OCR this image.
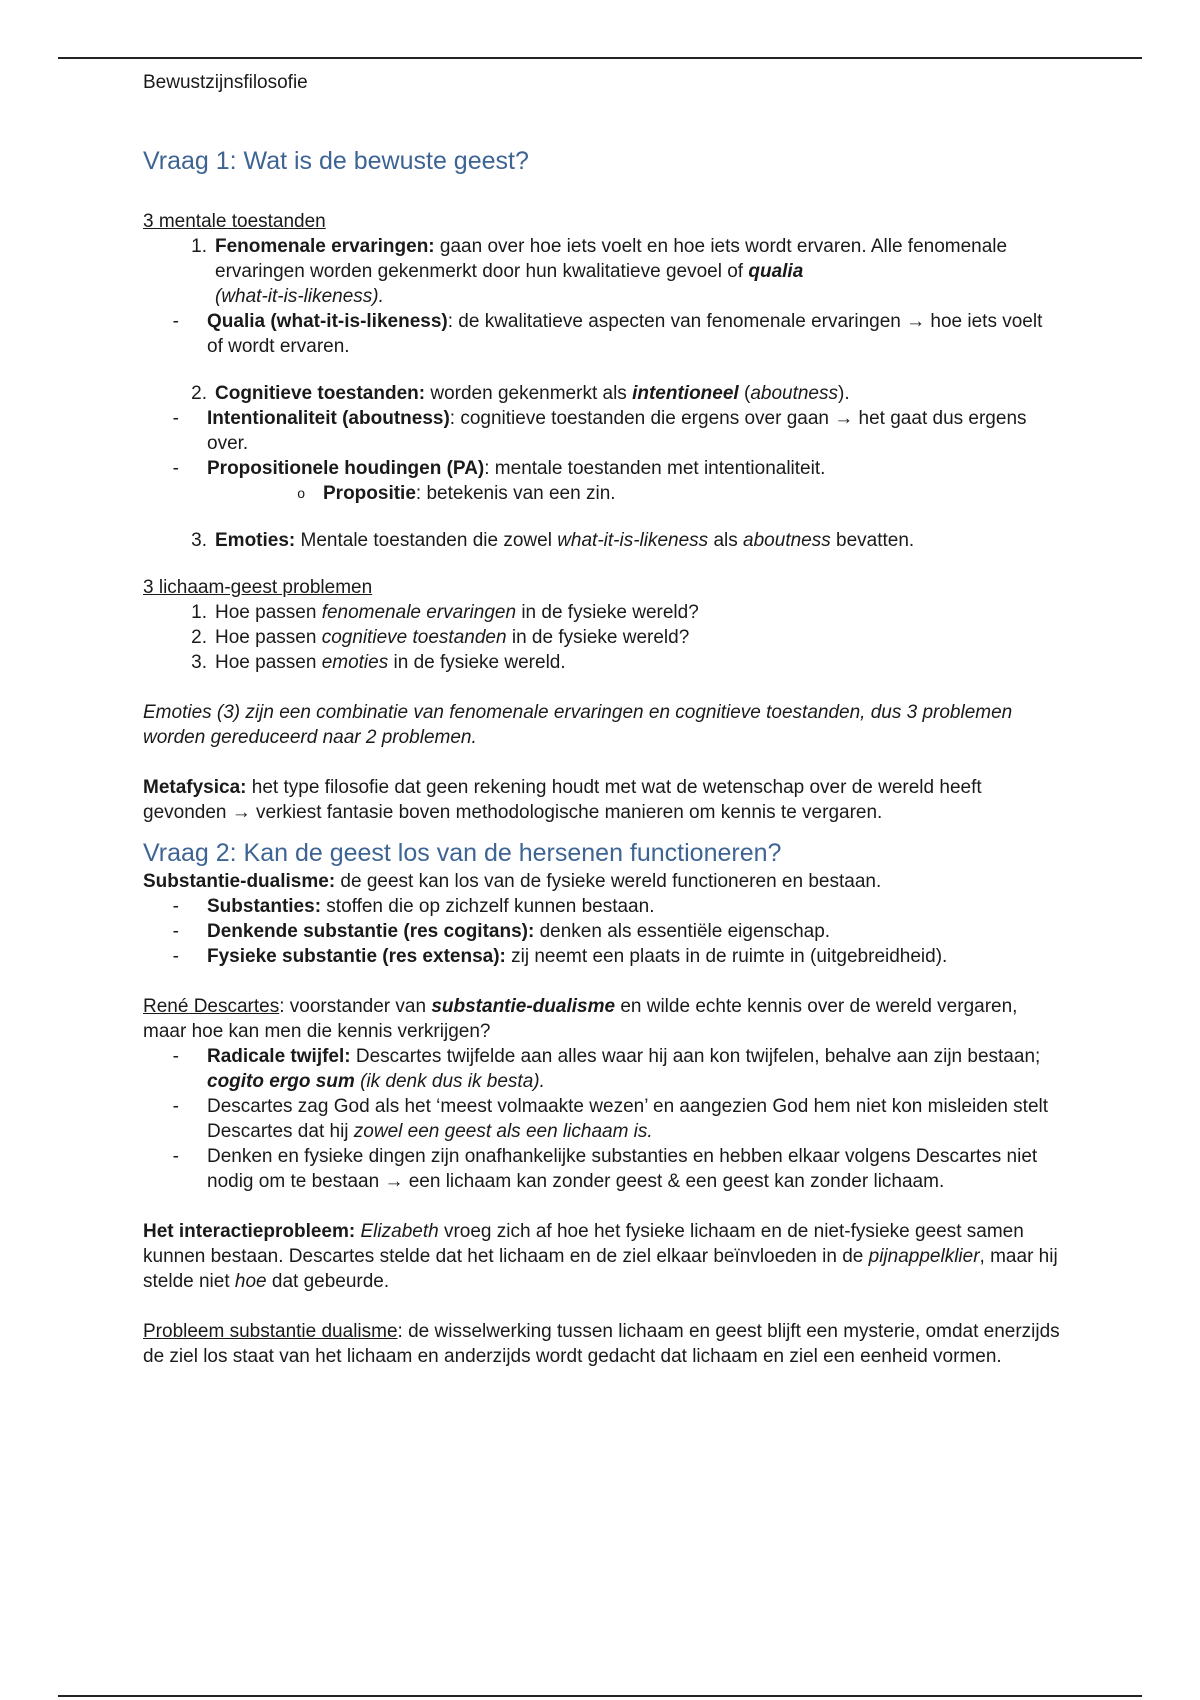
Bewustzijnsfilosofie
Vraag 1: Wat is de bewuste geest?

3 mentale toestanden

1. Fenomenale ervaringen: gaan over hoe iets voelt en hoe iets wordt ervaren. Alle fenomenale ervaringen worden gekenmerkt door hun kwalitatieve gevoel of qualia
(what-it-is-likeness).
-	Qualia (what-it-is-likeness): de kwalitatieve aspecten van fenomenale ervaringen → hoe iets voelt of wordt ervaren.
2. Cognitieve toestanden: worden gekenmerkt als intentioneel (aboutness).
-	Intentionaliteit (aboutness): cognitieve toestanden die ergens over gaan → het gaat dus ergens over.
-	Propositionele houdingen (PA): mentale toestanden met intentionaliteit.
o Propositie: betekenis van een zin.
3. Emoties: Mentale toestanden die zowel what-it-is-likeness als aboutness bevatten.

3 lichaam-geest problemen

1. Hoe passen fenomenale ervaringen in de fysieke wereld?
2. Hoe passen cognitieve toestanden in de fysieke wereld?
3. Hoe passen emoties in de fysieke wereld.

Emoties (3) zijn een combinatie van fenomenale ervaringen en cognitieve toestanden, dus 3 problemen worden gereduceerd naar 2 problemen.

Metafysica: het type filosofie dat geen rekening houdt met wat de wetenschap over de wereld heeft gevonden → verkiest fantasie boven methodologische manieren om kennis te vergaren.

Vraag 2: Kan de geest los van de hersenen functioneren?

Substantie-dualisme: de geest kan los van de fysieke wereld functioneren en bestaan.

-	Substanties: stoffen die op zichzelf kunnen bestaan.
-	Denkende substantie (res cogitans): denken als essentiële eigenschap.
-	Fysieke substantie (res extensa): zij neemt een plaats in de ruimte in (uitgebreidheid).

René Descartes: voorstander van substantie-dualisme en wilde echte kennis over de wereld vergaren, maar hoe kan men die kennis verkrijgen?

-	Radicale twijfel: Descartes twijfelde aan alles waar hij aan kon twijfelen, behalve aan zijn bestaan; cogito ergo sum (ik denk dus ik besta).
-	Descartes zag God als het ‘meest volmaakte wezen’ en aangezien God hem niet kon misleiden stelt Descartes dat hij zowel een geest als een lichaam is.
-	Denken en fysieke dingen zijn onafhankelijke substanties en hebben elkaar volgens Descartes niet nodig om te bestaan → een lichaam kan zonder geest & een geest kan zonder lichaam.

Het interactieprobleem: Elizabeth vroeg zich af hoe het fysieke lichaam en de niet-fysieke geest samen kunnen bestaan. Descartes stelde dat het lichaam en de ziel elkaar beïnvloeden in de pijnappelklier, maar hij stelde niet hoe dat gebeurde.

Probleem substantie dualisme: de wisselwerking tussen lichaam en geest blijft een mysterie, omdat enerzijds de ziel los staat van het lichaam en anderzijds wordt gedacht dat lichaam en ziel een eenheid vormen.
